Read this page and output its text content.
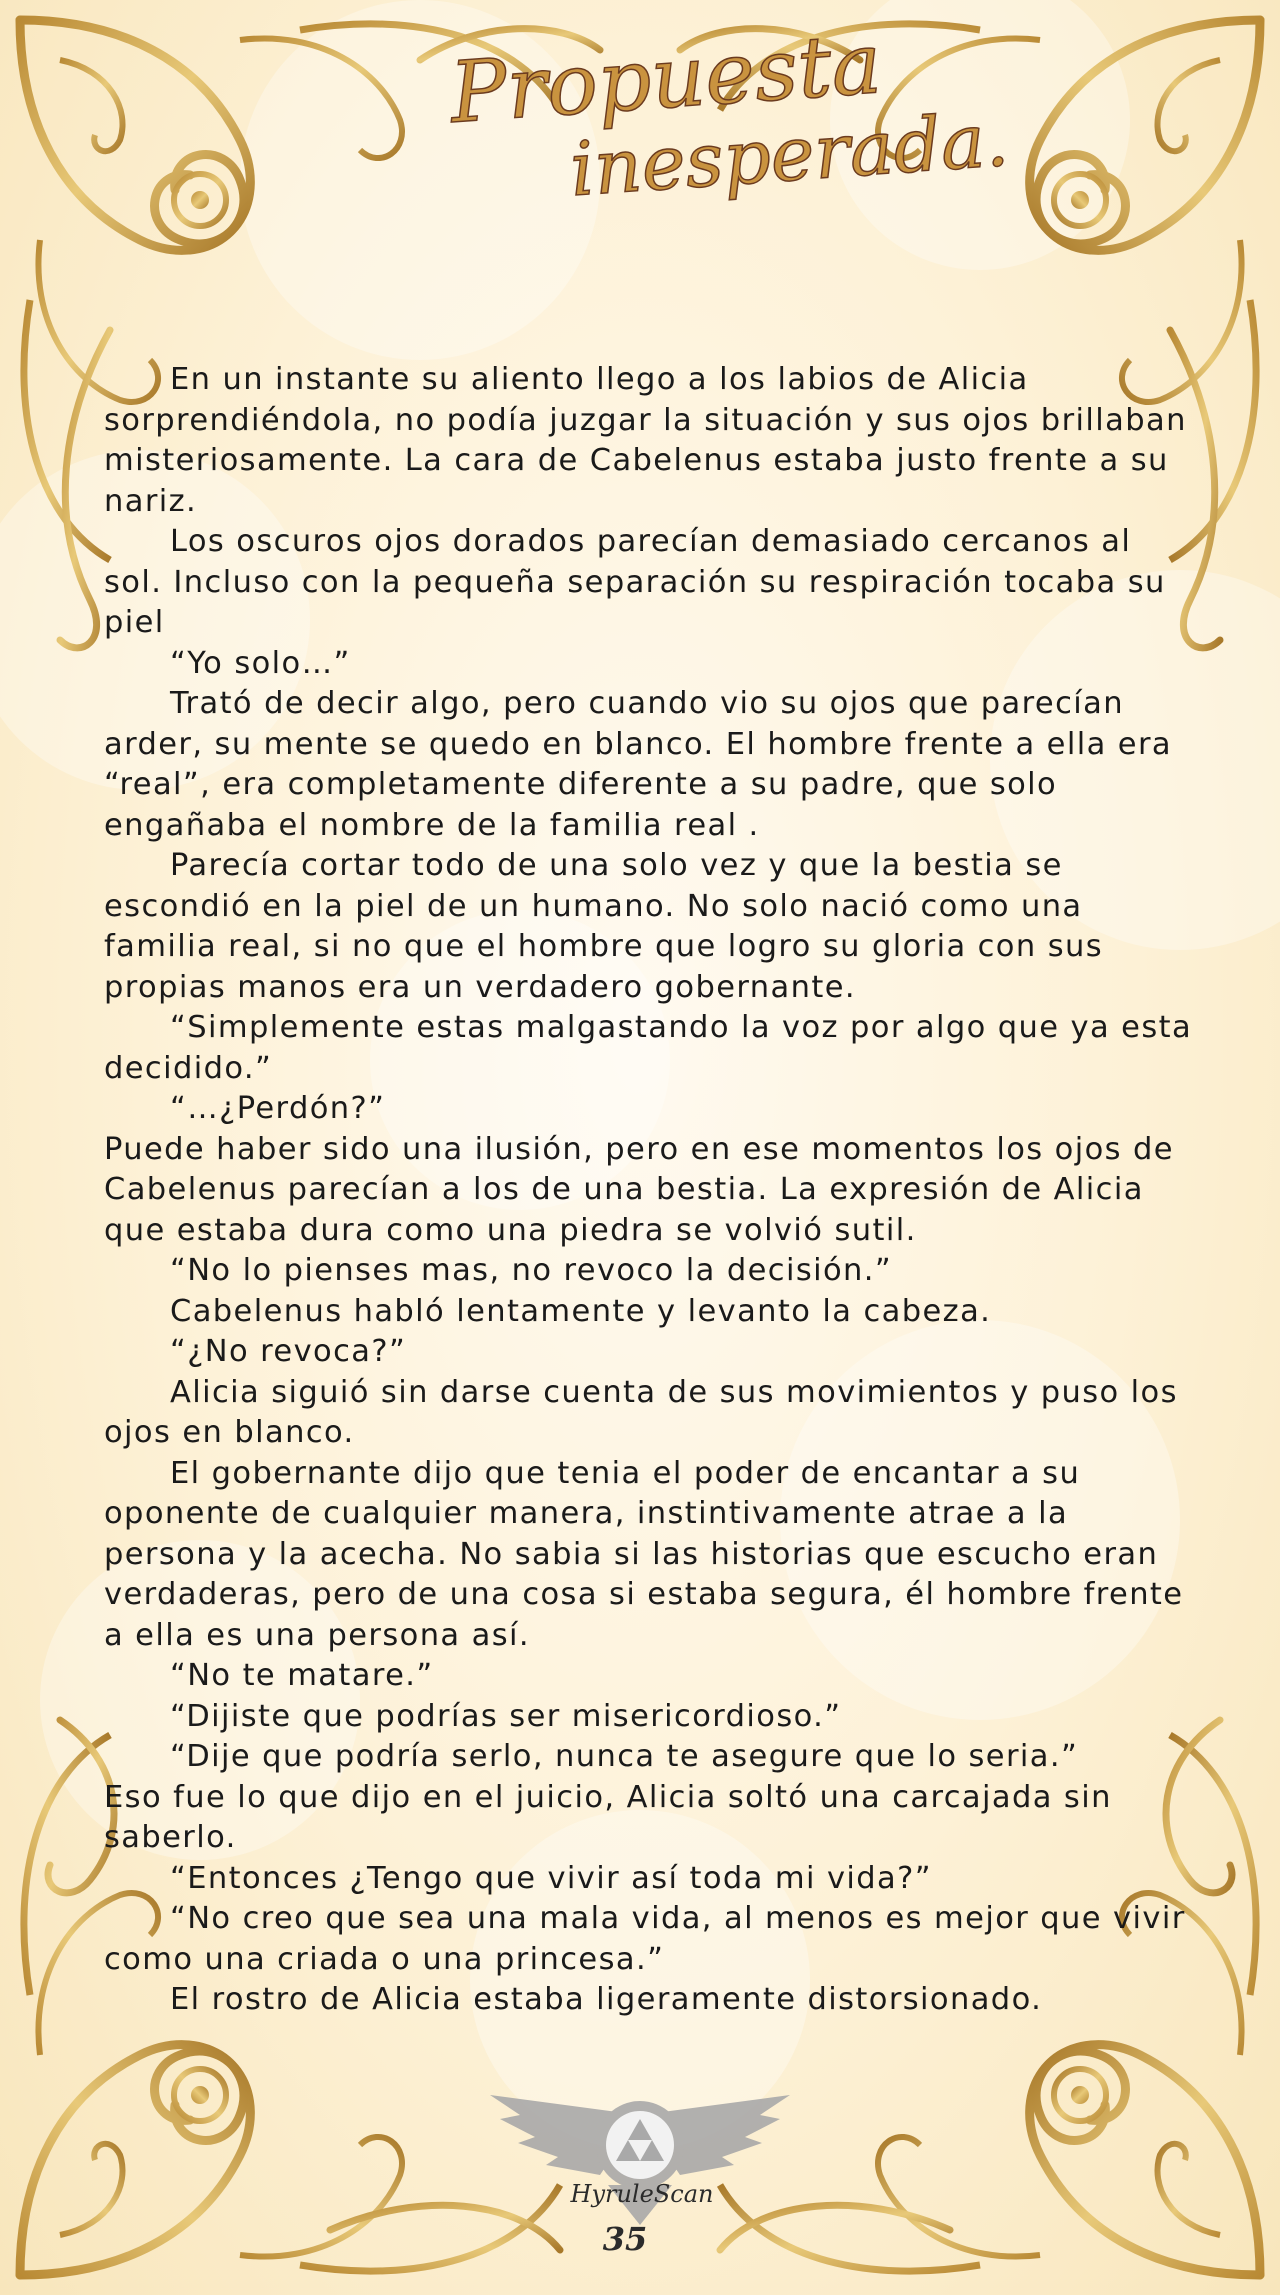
Propuesta
inesperada.

En un instante su aliento llego a los labios de Alicia sorprendiéndola, no podía juzgar la situación y sus ojos brillaban misteriosamente. La cara de Cabelenus estaba justo frente a su nariz.

Los oscuros ojos dorados parecían demasiado cercanos al sol. Incluso con la pequeña separación su respiración tocaba su piel

“Yo solo…”

Trató de decir algo, pero cuando vio su ojos que parecían arder, su mente se quedo en blanco. El hombre frente a ella era “real”, era completamente diferente a su padre, que solo engañaba el nombre de la familia real .

Parecía cortar todo de una solo vez y que la bestia se escondió en la piel de un humano. No solo nació como una familia real, si no que el hombre que logro su gloria con sus propias manos era un verdadero gobernante.

“Simplemente estas malgastando la voz por algo que ya esta decidido.”

“…¿Perdón?”

Puede haber sido una ilusión, pero en ese momentos los ojos de Cabelenus parecían a los de una bestia. La expresión de Alicia que estaba dura como una piedra se volvió sutil.

“No lo pienses mas, no revoco la decisión.”

Cabelenus habló lentamente y levanto la cabeza.

“¿No revoca?”

Alicia siguió sin darse cuenta de sus movimientos y puso los ojos en blanco.

El gobernante dijo que tenia el poder de encantar a su oponente de cualquier manera, instintivamente atrae a la persona y la acecha. No sabia si las historias que escucho eran verdaderas, pero de una cosa si estaba segura, él hombre frente a ella es una persona así.

“No te matare.”

“Dijiste que podrías ser misericordioso.”

“Dije que podría serlo, nunca te asegure que lo seria.”

Eso fue lo que dijo en el juicio, Alicia soltó una carcajada sin saberlo.

“Entonces ¿Tengo que vivir así toda mi vida?”

“No creo que sea una mala vida, al menos es mejor que vivir como una criada o una princesa.”

El rostro de Alicia estaba ligeramente distorsionado.

HyruleScan
35
